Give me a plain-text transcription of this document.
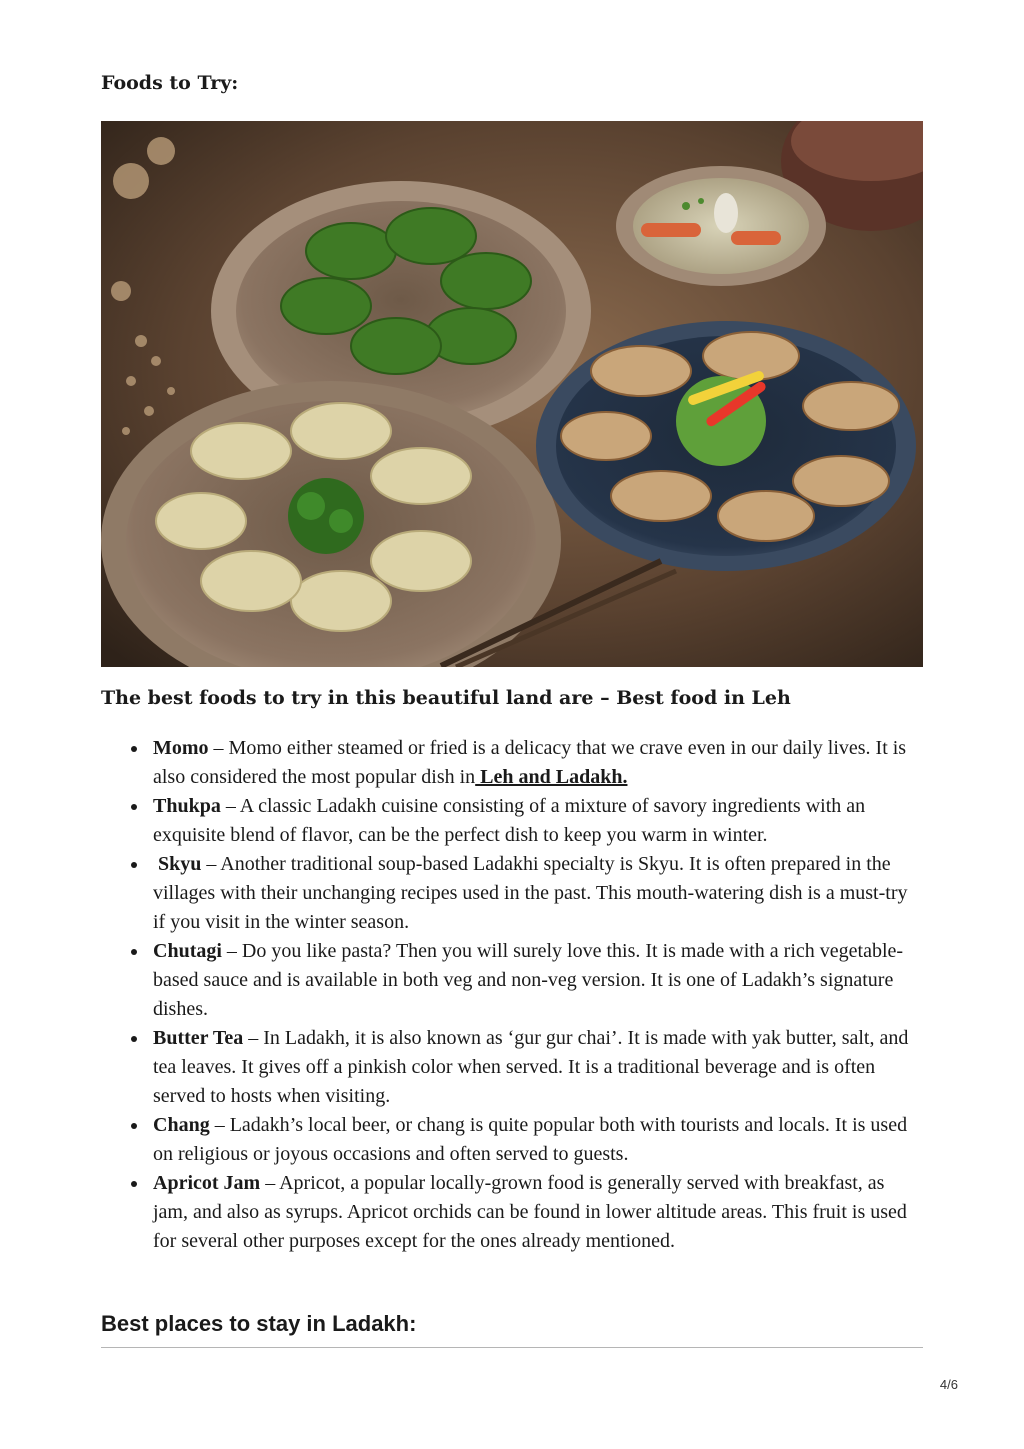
Foods to Try:

The best foods to try in this beautiful land are – Best food in Leh

Momo – Momo either steamed or fried is a delicacy that we crave even in our daily lives. It is also considered the most popular dish in Leh and Ladakh.
Thukpa – A classic Ladakh cuisine consisting of a mixture of savory ingredients with an exquisite blend of flavor, can be the perfect dish to keep you warm in winter.
Skyu – Another traditional soup-based Ladakhi specialty is Skyu. It is often prepared in the villages with their unchanging recipes used in the past. This mouth-watering dish is a must-try if you visit in the winter season.
Chutagi – Do you like pasta? Then you will surely love this. It is made with a rich vegetable-based sauce and is available in both veg and non-veg version. It is one of Ladakh’s signature dishes.
Butter Tea – In Ladakh, it is also known as ‘gur gur chai’. It is made with yak butter, salt, and tea leaves. It gives off a pinkish color when served. It is a traditional beverage and is often served to hosts when visiting.
Chang – Ladakh’s local beer, or chang is quite popular both with tourists and locals. It is used on religious or joyous occasions and often served to guests.
Apricot Jam – Apricot, a popular locally-grown food is generally served with breakfast, as jam, and also as syrups. Apricot orchids can be found in lower altitude areas. This fruit is used for several other purposes except for the ones already mentioned.
Best places to stay in Ladakh:
4/6
